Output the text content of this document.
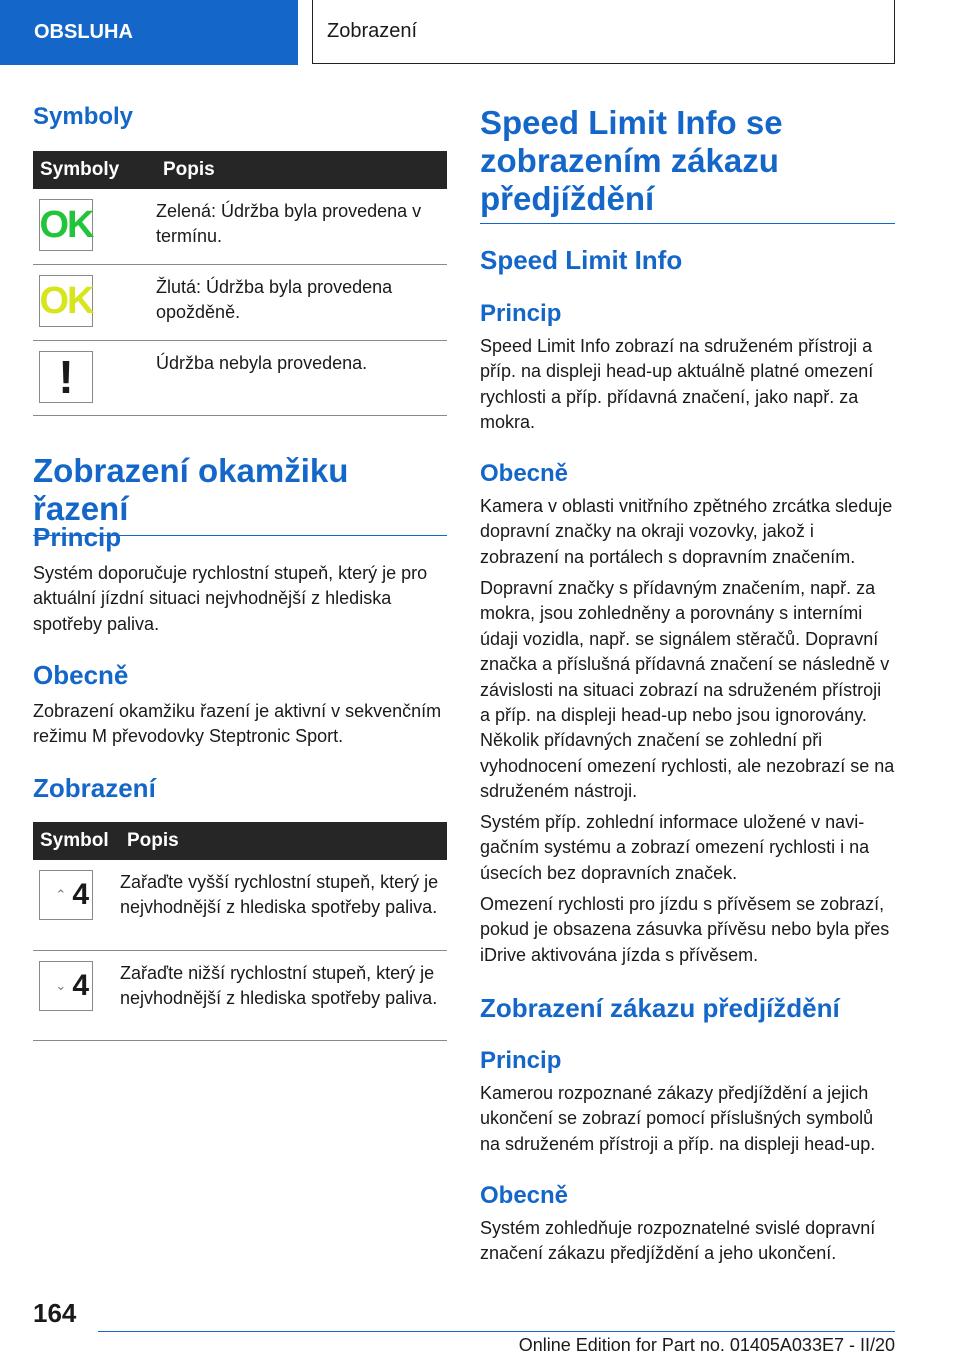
OBSLUHA	Zobrazení
Symboly
Symboly	Popis

OK	Zelená: Údržba byla provedena v termínu.

OK	Žlutá: Údržba byla provedena opožděně.

!	Údržba nebyla provedena.
Zobrazení okamžiku řazení
Princip

Systém doporučuje rychlostní stupeň, který je pro aktuální jízdní situaci nejvhodnější z hlediska spotřeby paliva.

Obecně

Zobrazení okamžiku řazení je aktivní v sekvenčním režimu M převodovky Steptronic Sport.

Zobrazení
Symbol	Popis

⌃ 4	Zařaďte vyšší rychlostní stupeň, který je nejvhodnější z hlediska spotřeby paliva.

⌄ 4	Zařaďte nižší rychlostní stupeň, který je nejvhodnější z hlediska spotřeby paliva.
Speed Limit Info se zobrazením zákazu předjíždění
Speed Limit Info
Princip

Speed Limit Info zobrazí na sdruženém přístroji a příp. na displeji head-up aktuálně platné omezení rychlosti a příp. přídavná značení, jako např. za mokra.

Obecně

Kamera v oblasti vnitřního zpětného zrcátka sleduje dopravní značky na okraji vozovky, jakož i zobrazení na portálech s dopravním značením.

Dopravní značky s přídavným značením, např. za mokra, jsou zohledněny a porovnány s interními údaji vozidla, např. se signálem stěračů. Dopravní značka a příslušná přídavná značení se následně v závislosti na situaci zobrazí na sdruženém přístroji a příp. na displeji head-up nebo jsou ignorovány. Několik přídavných značení se zohlední při vyhodnocení omezení rychlosti, ale nezobrazí se na sdruženém nástroji.

Systém příp. zohlední informace uložené v navigačním systému a zobrazí omezení rychlosti i na úsecích bez dopravních značek.

Omezení rychlosti pro jízdu s přívěsem se zobrazí, pokud je obsazena zásuvka přívěsu nebo byla přes iDrive aktivována jízda s přívěsem.

Zobrazení zákazu předjíždění
Princip

Kamerou rozpoznané zákazy předjíždění a jejich ukončení se zobrazí pomocí příslušných symbolů na sdruženém přístroji a příp. na displeji head-up.

Obecně

Systém zohledňuje rozpoznatelné svislé dopravní značení zákazu předjíždění a jeho ukončení.

164
Online Edition for Part no. 01405A033E7 - II/20
